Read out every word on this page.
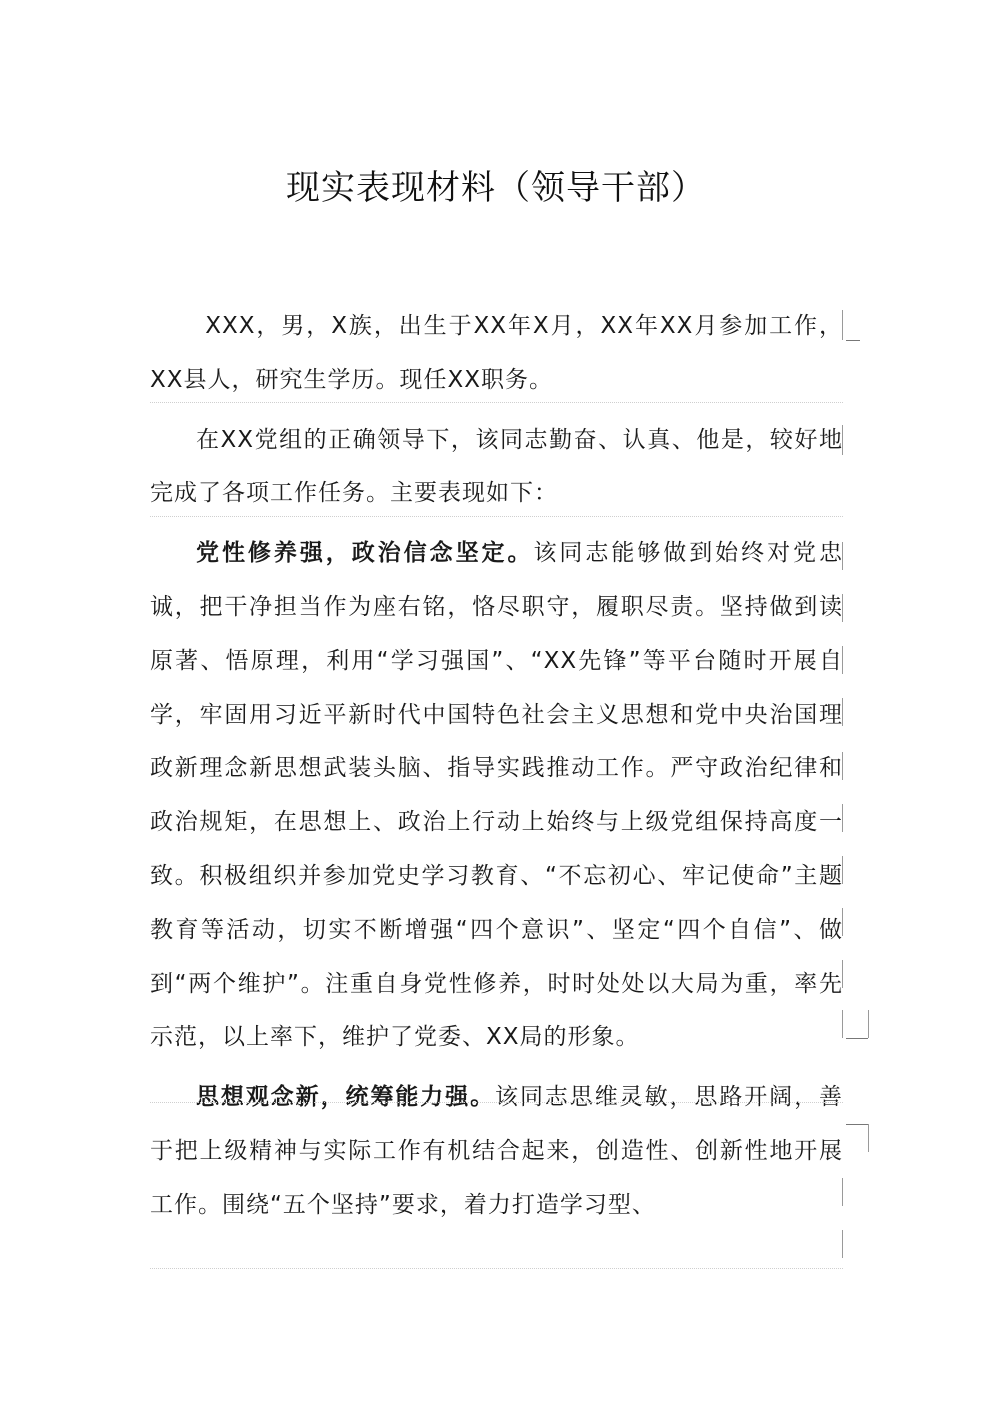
现实表现材料（领导干部）

XXX，男，X族，出生于XX年X月，XX年XX月参加工作，XX县人，研究生学历。现任XX职务。

在XX党组的正确领导下，该同志勤奋、认真、他是，较好地完成了各项工作任务。主要表现如下：

党性修养强，政治信念坚定。该同志能够做到始终对党忠诚，把干净担当作为座右铭，恪尽职守，履职尽责。坚持做到读原著、悟原理，利用“学习强国”、“XX先锋”等平台随时开展自学，牢固用习近平新时代中国特色社会主义思想和党中央治国理政新理念新思想武装头脑、指导实践推动工作。严守政治纪律和政治规矩，在思想上、政治上行动上始终与上级党组保持高度一致。积极组织并参加党史学习教育、“不忘初心、牢记使命”主题教育等活动，切实不断增强“四个意识”、坚定“四个自信”、做到“两个维护”。注重自身党性修养，时时处处以大局为重，率先示范，以上率下，维护了党委、XX局的形象。

思想观念新，统筹能力强。该同志思维灵敏，思路开阔，善于把上级精神与实际工作有机结合起来，创造性、创新性地开展工作。围绕“五个坚持”要求，着力打造学习型、
